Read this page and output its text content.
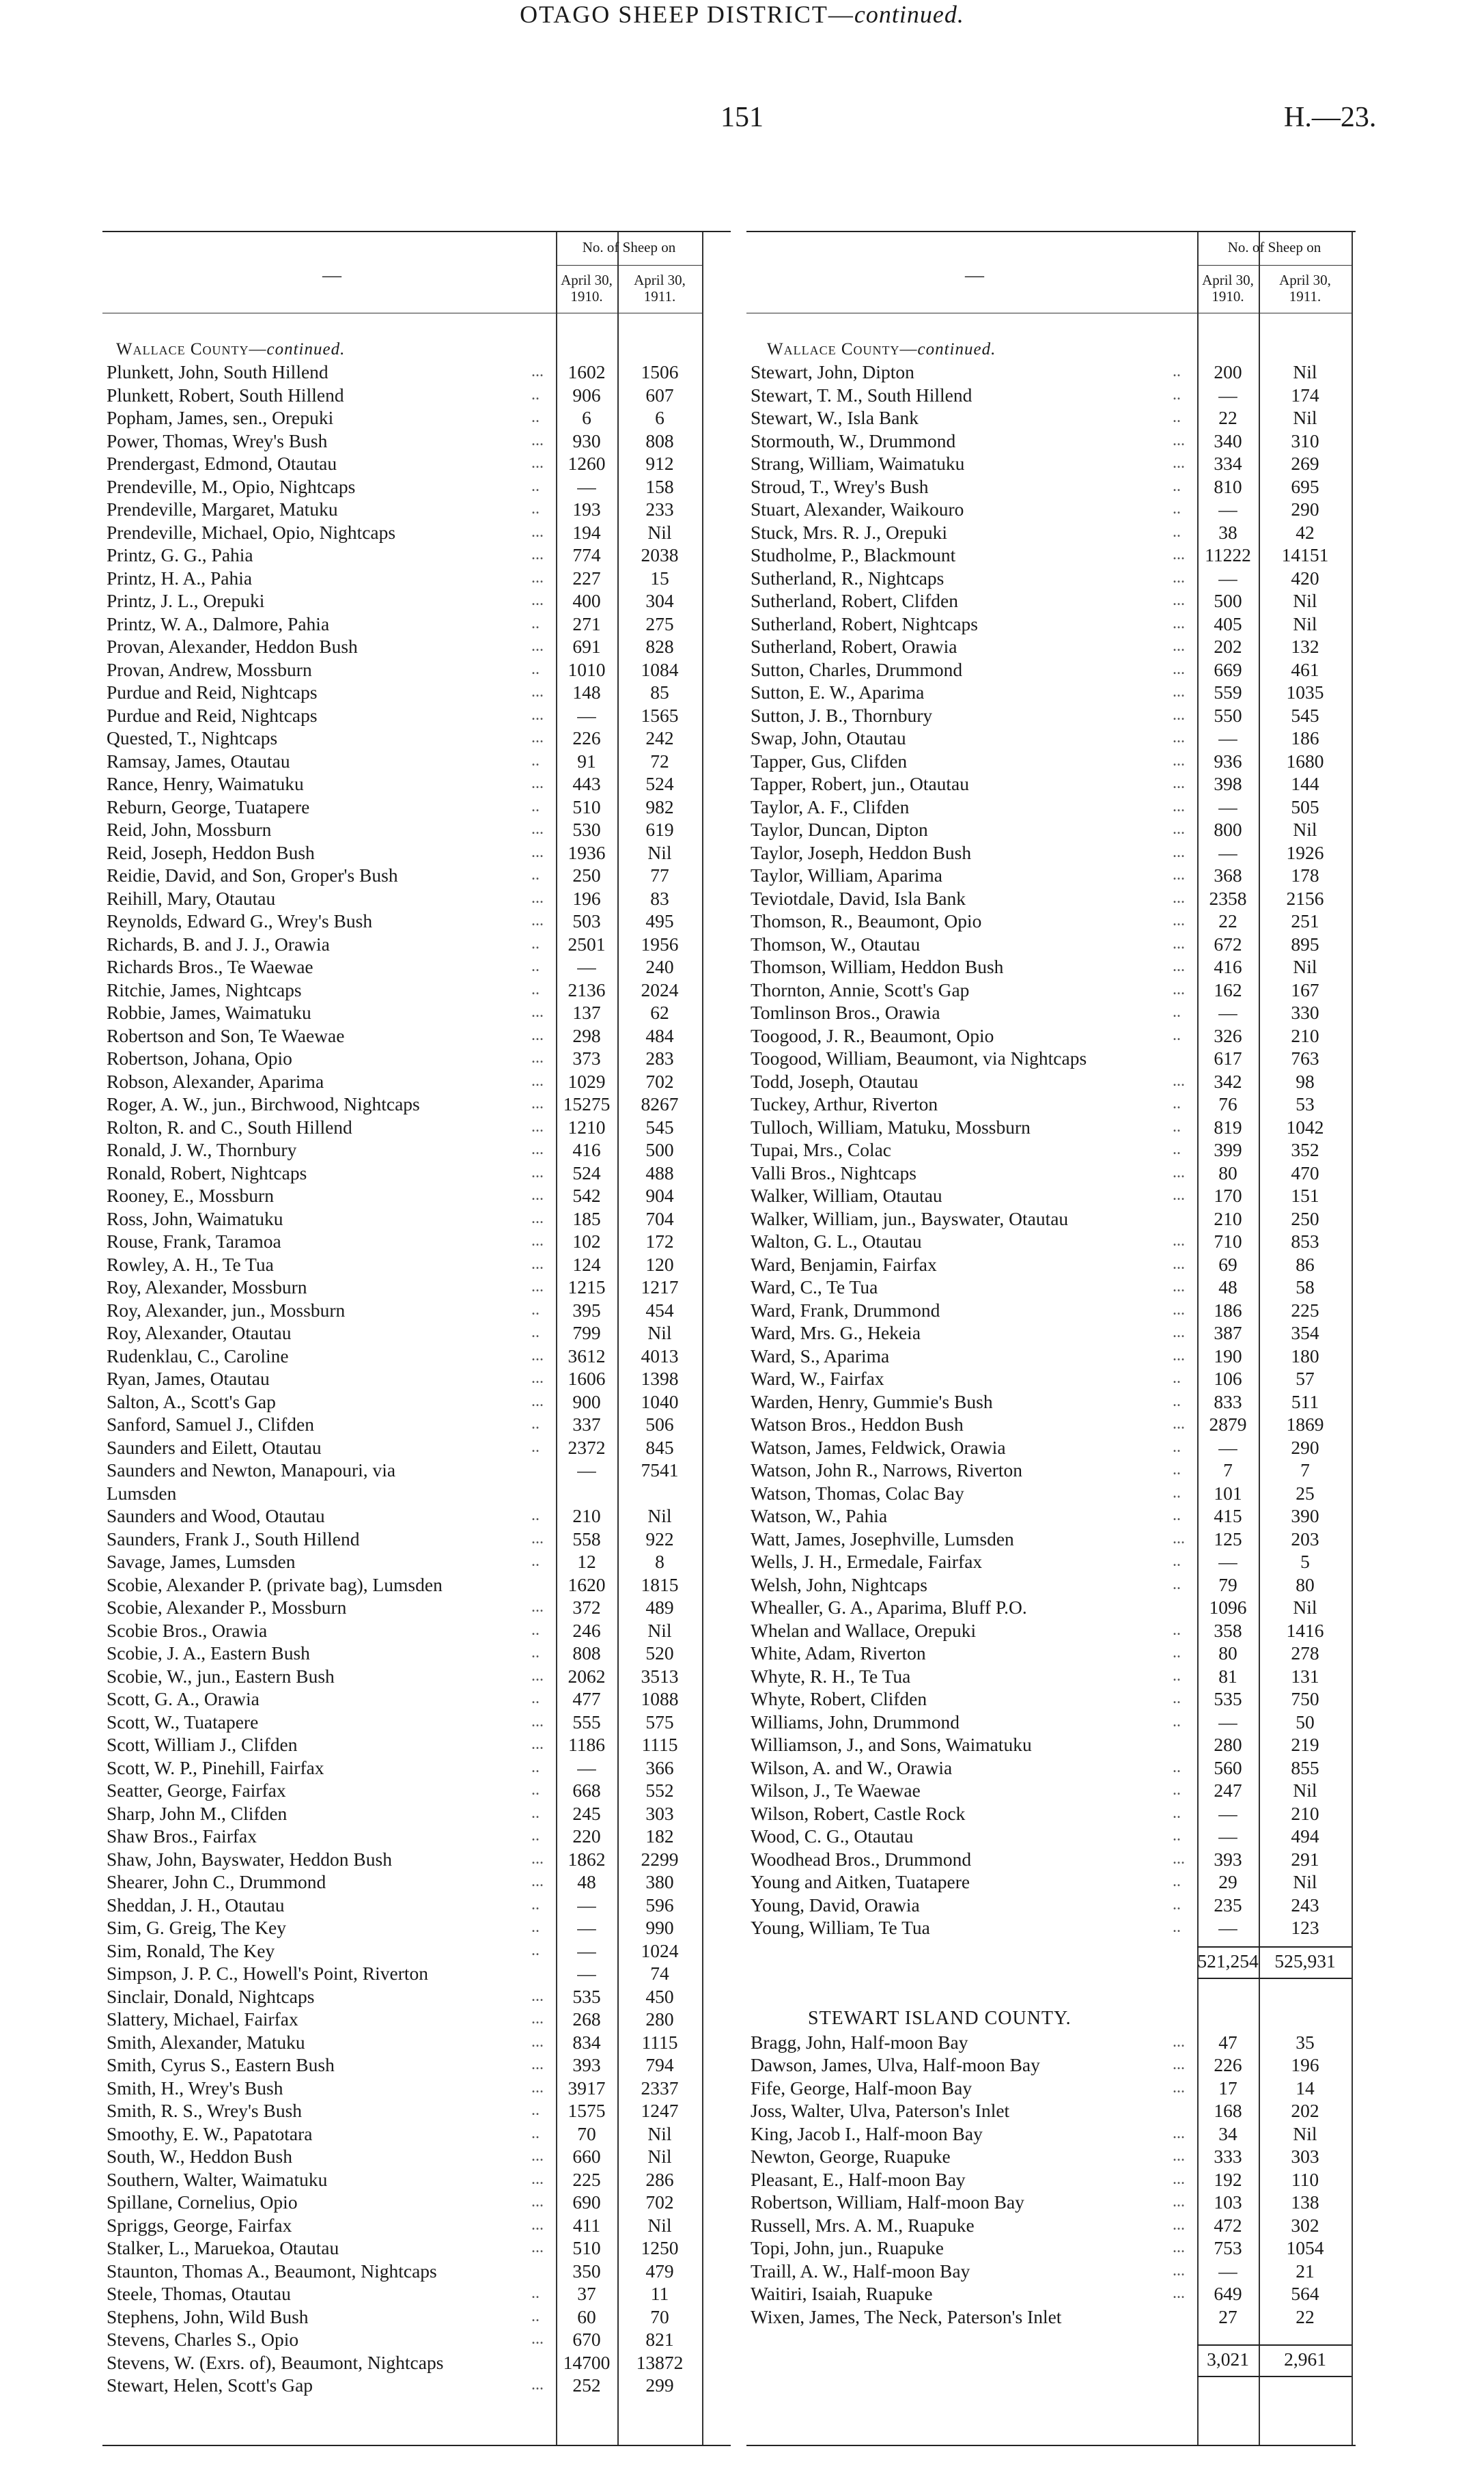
151	H.—23.
OTAGO SHEEP DISTRICT—continued.
—
No. of Sheep on
April 30,
1910.
April 30,
1911.
Wallace County—continued.
Plunkett, John, South Hillend	...	1602	1506
Plunkett, Robert, South Hillend	..	906	607
Popham, James, sen., Orepuki	..	6	6
Power, Thomas, Wrey's Bush	...	930	808
Prendergast, Edmond, Otautau	...	1260	912
Prendeville, M., Opio, Nightcaps	..	—	158
Prendeville, Margaret, Matuku	..	193	233
Prendeville, Michael, Opio, Nightcaps	...	194	Nil
Printz, G. G., Pahia	...	774	2038
Printz, H. A., Pahia	...	227	15
Printz, J. L., Orepuki	...	400	304
Printz, W. A., Dalmore, Pahia	..	271	275
Provan, Alexander, Heddon Bush	...	691	828
Provan, Andrew, Mossburn	..	1010	1084
Purdue and Reid, Nightcaps	...	148	85
Purdue and Reid, Nightcaps	...	—	1565
Quested, T., Nightcaps	...	226	242
Ramsay, James, Otautau	..	91	72
Rance, Henry, Waimatuku	...	443	524
Reburn, George, Tuatapere	..	510	982
Reid, John, Mossburn	...	530	619
Reid, Joseph, Heddon Bush	...	1936	Nil
Reidie, David, and Son, Groper's Bush	..	250	77
Reihill, Mary, Otautau	...	196	83
Reynolds, Edward G., Wrey's Bush	...	503	495
Richards, B. and J. J., Orawia	..	2501	1956
Richards Bros., Te Waewae	..	—	240
Ritchie, James, Nightcaps	..	2136	2024
Robbie, James, Waimatuku	...	137	62
Robertson and Son, Te Waewae	...	298	484
Robertson, Johana, Opio	...	373	283
Robson, Alexander, Aparima	...	1029	702
Roger, A. W., jun., Birchwood, Nightcaps	...	15275	8267
Rolton, R. and C., South Hillend	...	1210	545
Ronald, J. W., Thornbury	...	416	500
Ronald, Robert, Nightcaps	...	524	488
Rooney, E., Mossburn	...	542	904
Ross, John, Waimatuku	...	185	704
Rouse, Frank, Taramoa	...	102	172
Rowley, A. H., Te Tua	...	124	120
Roy, Alexander, Mossburn	...	1215	1217
Roy, Alexander, jun., Mossburn	..	395	454
Roy, Alexander, Otautau	..	799	Nil
Rudenklau, C., Caroline	...	3612	4013
Ryan, James, Otautau	...	1606	1398
Salton, A., Scott's Gap	...	900	1040
Sanford, Samuel J., Clifden	..	337	506
Saunders and Eilett, Otautau	..	2372	845
Saunders and Newton, Manapouri, via	—	7541
Lumsden
Saunders and Wood, Otautau	..	210	Nil
Saunders, Frank J., South Hillend	...	558	922
Savage, James, Lumsden	..	12	8
Scobie, Alexander P. (private bag), Lumsden	1620	1815
Scobie, Alexander P., Mossburn	...	372	489
Scobie Bros., Orawia	..	246	Nil
Scobie, J. A., Eastern Bush	..	808	520
Scobie, W., jun., Eastern Bush	...	2062	3513
Scott, G. A., Orawia	..	477	1088
Scott, W., Tuatapere	...	555	575
Scott, William J., Clifden	...	1186	1115
Scott, W. P., Pinehill, Fairfax	..	—	366
Seatter, George, Fairfax	..	668	552
Sharp, John M., Clifden	..	245	303
Shaw Bros., Fairfax	..	220	182
Shaw, John, Bayswater, Heddon Bush	...	1862	2299
Shearer, John C., Drummond	...	48	380
Sheddan, J. H., Otautau	..	—	596
Sim, G. Greig, The Key	..	—	990
Sim, Ronald, The Key	..	—	1024
Simpson, J. P. C., Howell's Point, Riverton	—	74
Sinclair, Donald, Nightcaps	...	535	450
Slattery, Michael, Fairfax	...	268	280
Smith, Alexander, Matuku	...	834	1115
Smith, Cyrus S., Eastern Bush	...	393	794
Smith, H., Wrey's Bush	...	3917	2337
Smith, R. S., Wrey's Bush	..	1575	1247
Smoothy, E. W., Papatotara	..	70	Nil
South, W., Heddon Bush	...	660	Nil
Southern, Walter, Waimatuku	...	225	286
Spillane, Cornelius, Opio	...	690	702
Spriggs, George, Fairfax	...	411	Nil
Stalker, L., Maruekoa, Otautau	...	510	1250
Staunton, Thomas A., Beaumont, Nightcaps	350	479
Steele, Thomas, Otautau	..	37	11
Stephens, John, Wild Bush	..	60	70
Stevens, Charles S., Opio	...	670	821
Stevens, W. (Exrs. of), Beaumont, Nightcaps	14700	13872
Stewart, Helen, Scott's Gap	...	252	299
—
No. of Sheep on
April 30,
1910.
April 30,
1911.
Wallace County—continued.
Stewart, John, Dipton	..	200	Nil
Stewart, T. M., South Hillend	..	—	174
Stewart, W., Isla Bank	..	22	Nil
Stormouth, W., Drummond	...	340	310
Strang, William, Waimatuku	...	334	269
Stroud, T., Wrey's Bush	..	810	695
Stuart, Alexander, Waikouro	..	—	290
Stuck, Mrs. R. J., Orepuki	..	38	42
Studholme, P., Blackmount	...	11222	14151
Sutherland, R., Nightcaps	...	—	420
Sutherland, Robert, Clifden	...	500	Nil
Sutherland, Robert, Nightcaps	...	405	Nil
Sutherland, Robert, Orawia	...	202	132
Sutton, Charles, Drummond	...	669	461
Sutton, E. W., Aparima	...	559	1035
Sutton, J. B., Thornbury	...	550	545
Swap, John, Otautau	...	—	186
Tapper, Gus, Clifden	...	936	1680
Tapper, Robert, jun., Otautau	...	398	144
Taylor, A. F., Clifden	...	—	505
Taylor, Duncan, Dipton	...	800	Nil
Taylor, Joseph, Heddon Bush	...	—	1926
Taylor, William, Aparima	...	368	178
Teviotdale, David, Isla Bank	...	2358	2156
Thomson, R., Beaumont, Opio	...	22	251
Thomson, W., Otautau	...	672	895
Thomson, William, Heddon Bush	...	416	Nil
Thornton, Annie, Scott's Gap	...	162	167
Tomlinson Bros., Orawia	..	—	330
Toogood, J. R., Beaumont, Opio	..	326	210
Toogood, William, Beaumont, via Nightcaps	617	763
Todd, Joseph, Otautau	...	342	98
Tuckey, Arthur, Riverton	..	76	53
Tulloch, William, Matuku, Mossburn	..	819	1042
Tupai, Mrs., Colac	..	399	352
Valli Bros., Nightcaps	...	80	470
Walker, William, Otautau	...	170	151
Walker, William, jun., Bayswater, Otautau	210	250
Walton, G. L., Otautau	...	710	853
Ward, Benjamin, Fairfax	...	69	86
Ward, C., Te Tua	...	48	58
Ward, Frank, Drummond	...	186	225
Ward, Mrs. G., Hekeia	...	387	354
Ward, S., Aparima	...	190	180
Ward, W., Fairfax	..	106	57
Warden, Henry, Gummie's Bush	..	833	511
Watson Bros., Heddon Bush	...	2879	1869
Watson, James, Feldwick, Orawia	..	—	290
Watson, John R., Narrows, Riverton	..	7	7
Watson, Thomas, Colac Bay	..	101	25
Watson, W., Pahia	..	415	390
Watt, James, Josephville, Lumsden	...	125	203
Wells, J. H., Ermedale, Fairfax	..	—	5
Welsh, John, Nightcaps	..	79	80
Whealler, G. A., Aparima, Bluff P.O.	1096	Nil
Whelan and Wallace, Orepuki	..	358	1416
White, Adam, Riverton	..	80	278
Whyte, R. H., Te Tua	..	81	131
Whyte, Robert, Clifden	..	535	750
Williams, John, Drummond	..	—	50
Williamson, J., and Sons, Waimatuku	280	219
Wilson, A. and W., Orawia	..	560	855
Wilson, J., Te Waewae	..	247	Nil
Wilson, Robert, Castle Rock	..	—	210
Wood, C. G., Otautau	..	—	494
Woodhead Bros., Drummond	...	393	291
Young and Aitken, Tuatapere	..	29	Nil
Young, David, Orawia	..	235	243
Young, William, Te Tua	..	—	123
521,254 525,931
STEWART ISLAND COUNTY.
Bragg, John, Half-moon Bay	...	47	35
Dawson, James, Ulva, Half-moon Bay	...	226	196
Fife, George, Half-moon Bay	...	17	14
Joss, Walter, Ulva, Paterson's Inlet	168	202
King, Jacob I., Half-moon Bay	...	34	Nil
Newton, George, Ruapuke	...	333	303
Pleasant, E., Half-moon Bay	...	192	110
Robertson, William, Half-moon Bay	...	103	138
Russell, Mrs. A. M., Ruapuke	...	472	302
Topi, John, jun., Ruapuke	...	753	1054
Traill, A. W., Half-moon Bay	...	—	21
Waitiri, Isaiah, Ruapuke	...	649	564
Wixen, James, The Neck, Paterson's Inlet	27	22
3,021	2,961
